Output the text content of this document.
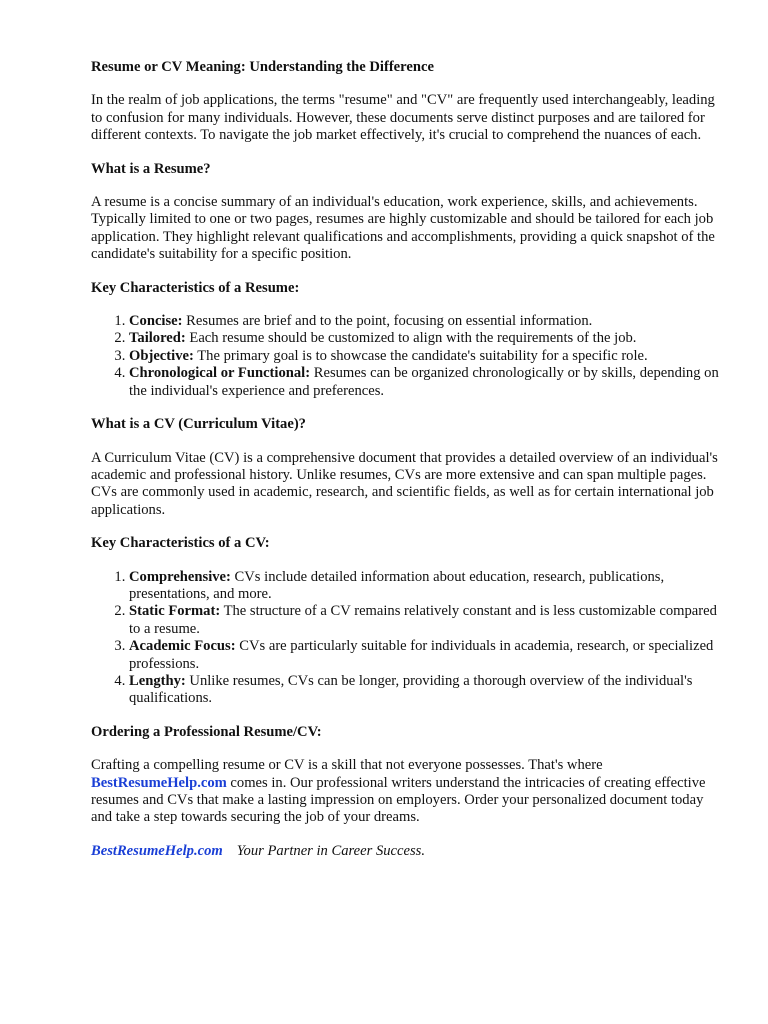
Resume or CV Meaning: Understanding the Difference

In the realm of job applications, the terms "resume" and "CV" are frequently used interchangeably, leading to confusion for many individuals. However, these documents serve distinct purposes and are tailored for different contexts. To navigate the job market effectively, it's crucial to comprehend the nuances of each.

What is a Resume?

A resume is a concise summary of an individual's education, work experience, skills, and achievements. Typically limited to one or two pages, resumes are highly customizable and should be tailored for each job application. They highlight relevant qualifications and accomplishments, providing a quick snapshot of the candidate's suitability for a specific position.

Key Characteristics of a Resume:
1. Concise: Resumes are brief and to the point, focusing on essential information.
2. Tailored: Each resume should be customized to align with the requirements of the job.
3. Objective: The primary goal is to showcase the candidate's suitability for a specific role.
4. Chronological or Functional: Resumes can be organized chronologically or by skills, depending on the individual's experience and preferences.
What is a CV (Curriculum Vitae)?

A Curriculum Vitae (CV) is a comprehensive document that provides a detailed overview of an individual's academic and professional history. Unlike resumes, CVs are more extensive and can span multiple pages. CVs are commonly used in academic, research, and scientific fields, as well as for certain international job applications.

Key Characteristics of a CV:
1. Comprehensive: CVs include detailed information about education, research, publications, presentations, and more.
2. Static Format: The structure of a CV remains relatively constant and is less customizable compared to a resume.
3. Academic Focus: CVs are particularly suitable for individuals in academia, research, or specialized professions.
4. Lengthy: Unlike resumes, CVs can be longer, providing a thorough overview of the individual's qualifications.
Ordering a Professional Resume/CV:

Crafting a compelling resume or CV is a skill that not everyone possesses. That's where BestResumeHelp.com comes in. Our professional writers understand the intricacies of creating effective resumes and CVs that make a lasting impression on employers. Order your personalized document today and take a step towards securing the job of your dreams.

BestResumeHelp.com Your Partner in Career Success.
